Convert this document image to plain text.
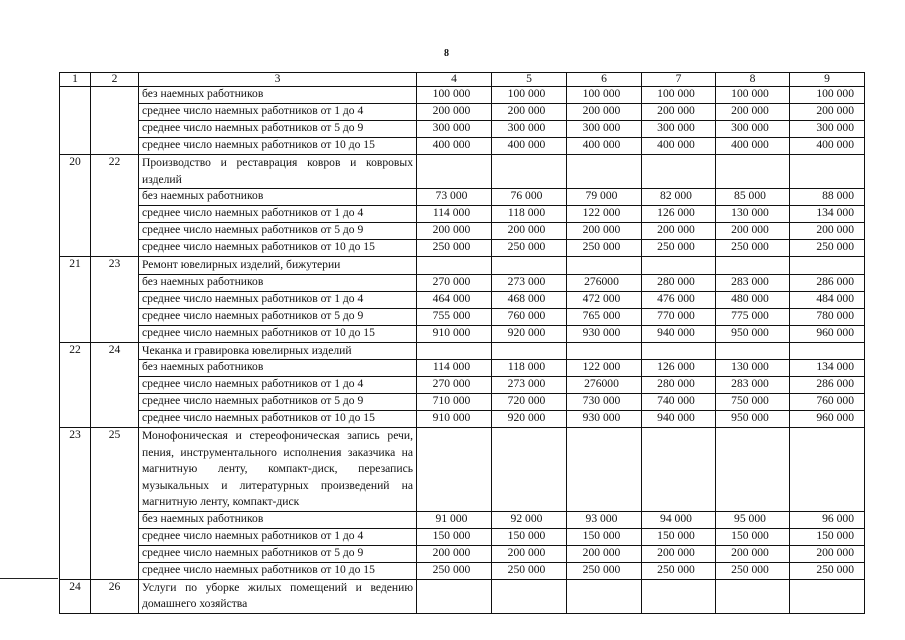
8
1	2	3	4	5	6	7	8	9
		без наемных работников	100 000	100 000	100 000	100 000	100 000	100 000
		среднее число наемных работников от 1 до 4	200 000	200 000	200 000	200 000	200 000	200 000
		среднее число наемных работников от 5 до 9	300 000	300 000	300 000	300 000	300 000	300 000
		среднее число наемных работников от 10 до 15	400 000	400 000	400 000	400 000	400 000	400 000
20	22	Производство и реставрация ковров и ковровых изделий						
		без наемных работников	73 000	76 000	79 000	82 000	85 000	88 000
		среднее число наемных работников от 1 до 4	114 000	118 000	122 000	126 000	130 000	134 000
		среднее число наемных работников от 5 до 9	200 000	200 000	200 000	200 000	200 000	200 000
		среднее число наемных работников от 10 до 15	250 000	250 000	250 000	250 000	250 000	250 000
21	23	Ремонт ювелирных изделий, бижутерии						
		без наемных работников	270 000	273 000	276000	280 000	283 000	286 000
		среднее число наемных работников от 1 до 4	464 000	468 000	472 000	476 000	480 000	484 000
		среднее число наемных работников от 5 до 9	755 000	760 000	765 000	770 000	775 000	780 000
		среднее число наемных работников от 10 до 15	910 000	920 000	930 000	940 000	950 000	960 000
22	24	Чеканка и гравировка ювелирных изделий						
		без наемных работников	114 000	118 000	122 000	126 000	130 000	134 000
		среднее число наемных работников от 1 до 4	270 000	273 000	276000	280 000	283 000	286 000
		среднее число наемных работников от 5 до 9	710 000	720 000	730 000	740 000	750 000	760 000
		среднее число наемных работников от 10 до 15	910 000	920 000	930 000	940 000	950 000	960 000
23	25	Монофоническая и стереофоническая запись речи, пения, инструментального исполнения заказчика на магнитную ленту, компакт-диск, перезапись музыкальных и литературных произведений на магнитную ленту, компакт-диск						
		без наемных работников	91 000	92 000	93 000	94 000	95 000	96 000
		среднее число наемных работников от 1 до 4	150 000	150 000	150 000	150 000	150 000	150 000
		среднее число наемных работников от 5 до 9	200 000	200 000	200 000	200 000	200 000	200 000
		среднее число наемных работников от 10 до 15	250 000	250 000	250 000	250 000	250 000	250 000
24	26	Услуги по уборке жилых помещений и ведению домашнего хозяйства						
